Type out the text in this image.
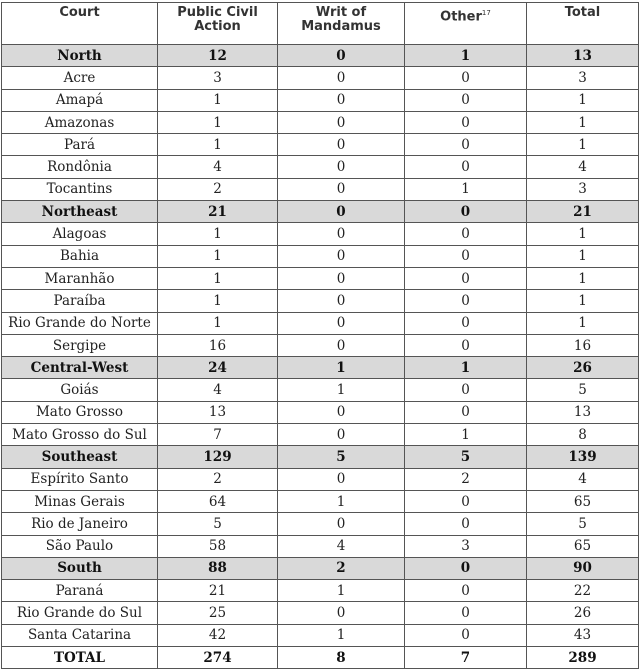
Court	Public Civil Action	Writ of Mandamus	Other$^{17}$	Total
North	12	0	1	13
Acre	3	0	0	3
Amapá	1	0	0	1
Amazonas	1	0	0	1
Pará	1	0	0	1
Rondônia	4	0	0	4
Tocantins	2	0	1	3
Northeast	21	0	0	21
Alagoas	1	0	0	1
Bahia	1	0	0	1
Maranhão	1	0	0	1
Paraíba	1	0	0	1
Rio Grande do Norte	1	0	0	1
Sergipe	16	0	0	16
Central-West	24	1	1	26
Goiás	4	1	0	5
Mato Grosso	13	0	0	13
Mato Grosso do Sul	7	0	1	8
Southeast	129	5	5	139
Espírito Santo	2	0	2	4
Minas Gerais	64	1	0	65
Rio de Janeiro	5	0	0	5
São Paulo	58	4	3	65
South	88	2	0	90
Paraná	21	1	0	22
Rio Grande do Sul	25	0	0	26
Santa Catarina	42	1	0	43
TOTAL	274	8	7	289
